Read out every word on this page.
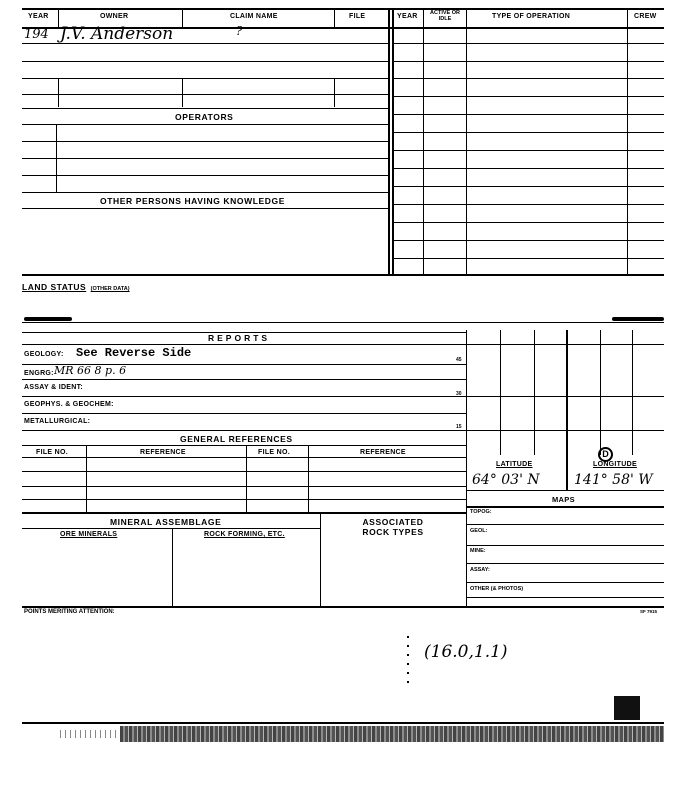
YEAR	OWNER	CLAIM NAME	FILE	YEAR	ACTIVE OR IDLE	TYPE OF OPERATION	CREW
194 J.V. Anderson	?
OPERATORS
OTHER PERSONS HAVING KNOWLEDGE
LAND STATUS (OTHER DATA)
REPORTS
GEOLOGY: See Reverse Side	45
ENGRG: MR 66 8 p. 6
ASSAY & IDENT:
30
GEOPHYS. & GEOCHEM:
METALLURGICAL:
15
GENERAL REFERENCES
FILE NO.	REFERENCE	FILE NO.	REFERENCE
MINERAL ASSEMBLAGE	ASSOCIATED ROCK TYPES
ORE MINERALS	ROCK FORMING, ETC.
POINTS MERITING ATTENTION:	SF 7915
D
LATITUDE	LONGITUDE
64° 03' N 141° 58' W
MAPS
TOPOG:
GEOL:
MINE:
ASSAY:
OTHER (& PHOTOS)
(16.0,1.1)
